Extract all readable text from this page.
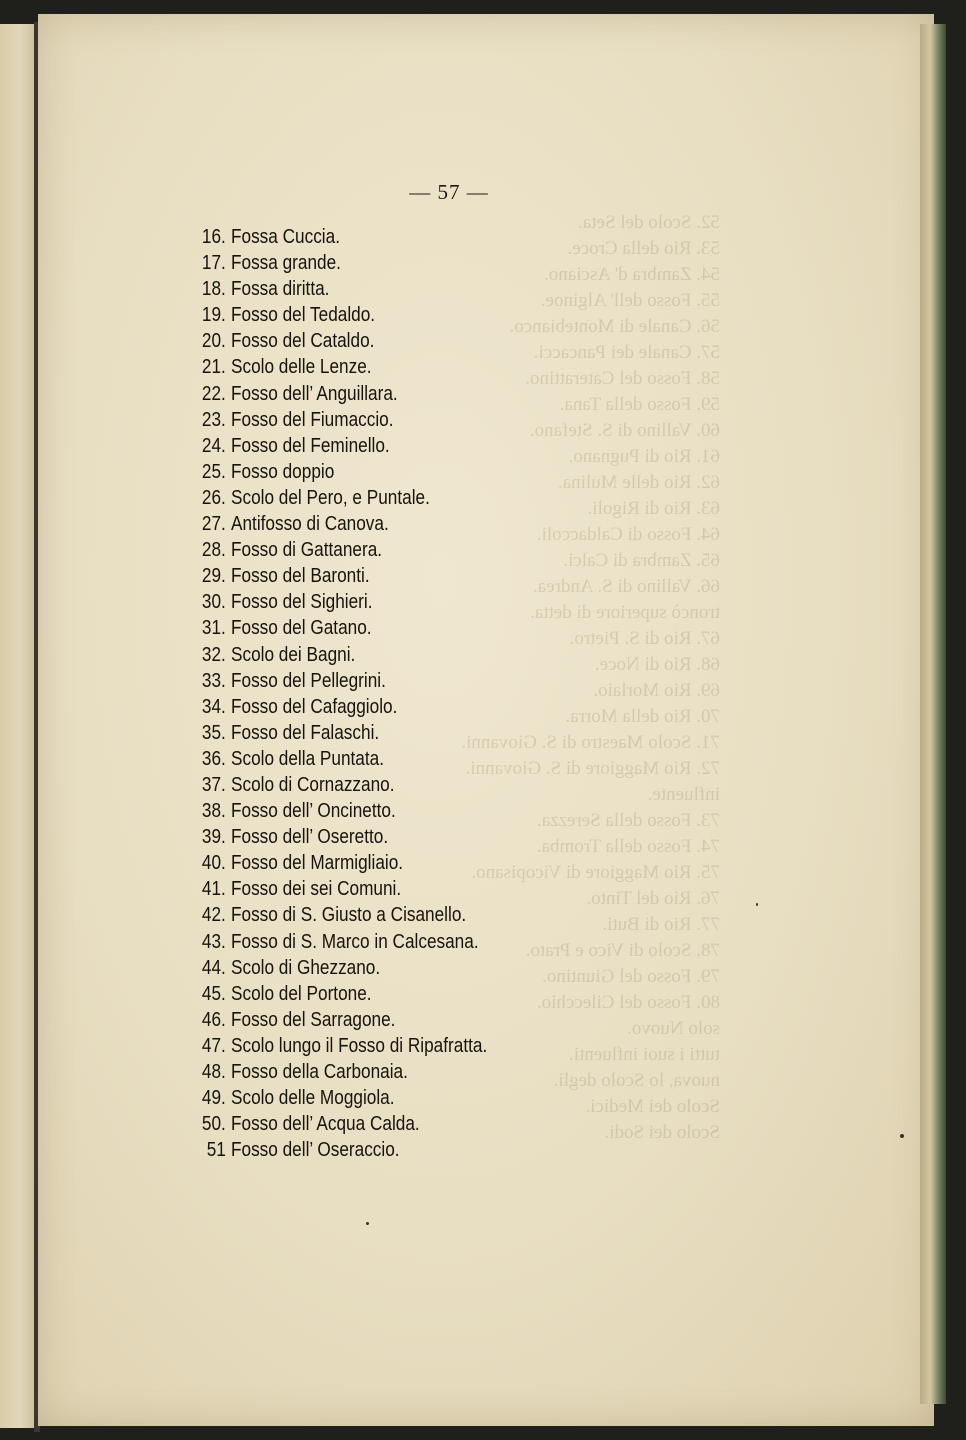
52. Scolo del Seta.
53. Rio della Croce.
54. Zambra d' Asciano.
55. Fosso dell' Alginoe.
56. Canale di Montebianco.
57. Canale dei Pancacci.
58. Fosso del Caterattino.
59. Fosso della Tana.
60. Vallino di S. Stefano.
61. Rio di Pugnano.
62. Rio delle Mulina.
63. Rio di Rigoli.
64. Fosso di Caldaccoli.
65. Zambra di Calci.
66. Vallino di S. Andrea.
troncò superiore di detta.
67. Rio di S. Pietro.
68. Rio di Noce.
69. Rio Morlaio.
70. Rio della Morra.
71. Scolo Maestro di S. Giovanni.
72. Rio Maggiore di S. Giovanni.
influente.
73. Fosso della Serezza.
74. Fosso della Tromba.
75. Rio Maggiore di Vicopisano.
76. Rio del Tinto.
77. Rio di Buti.
78. Scolo di Vico e Prato.
79. Fosso del Giuntino.
80. Fosso del Cilecchio.
solo Nuovo.
tutti i suoi influenti.
nuova, lo Scolo degli.
Scolo dei Medici.
Scolo dei Sodi.
— 57 —
16. Fossa Cuccia.
17. Fossa grande.
18. Fossa diritta.
19. Fosso del Tedaldo.
20. Fosso del Cataldo.
21. Scolo delle Lenze.
22. Fosso dell’ Anguillara.
23. Fosso del Fiumaccio.
24. Fosso del Feminello.
25. Fosso doppio
26. Scolo del Pero, e Puntale.
27. Antifosso di Canova.
28. Fosso di Gattanera.
29. Fosso del Baronti.
30. Fosso del Sighieri.
31. Fosso del Gatano.
32. Scolo dei Bagni.
33. Fosso del Pellegrini.
34. Fosso del Cafaggiolo.
35. Fosso del Falaschi.
36. Scolo della Puntata.
37. Scolo di Cornazzano.
38. Fosso dell’ Oncinetto.
39. Fosso dell’ Oseretto.
40. Fosso del Marmigliaio.
41. Fosso dei sei Comuni.
42. Fosso di S. Giusto a Cisanello.
43. Fosso di S. Marco in Calcesana.
44. Scolo di Ghezzano.
45. Scolo del Portone.
46. Fosso del Sarragone.
47. Scolo lungo il Fosso di Ripafratta.
48. Fosso della Carbonaia.
49. Scolo delle Moggiola.
50. Fosso dell’ Acqua Calda.
51 Fosso dell’ Oseraccio.
